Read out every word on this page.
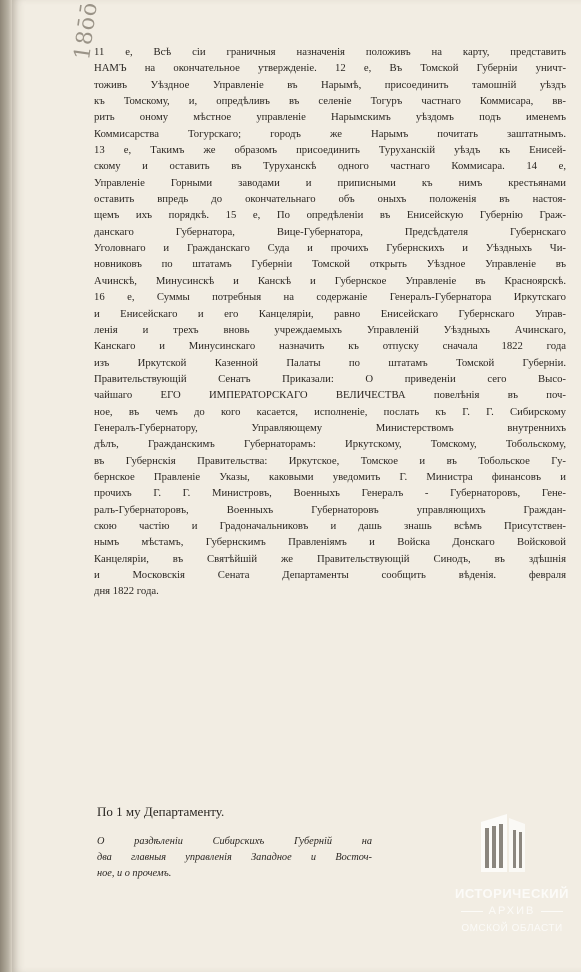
18ōō
11 е, Всѣ сіи граничныя назначенія положивъ на карту, представить
НАМЪ на окончательное утвержденіе. 12 е, Въ Томской Губерніи уничт-
тоживъ Уѣздное Управленіе въ Нарымѣ, присоединить тамошній уѣздъ
къ Томскому, и, опредѣливъ въ селеніе Тогуръ частнаго Коммисара, вв-
рить оному мѣстное управленіе Нарымскимъ уѣздомъ подъ именемъ
Коммисарства Тогурскаго; городъ же Нарымъ почитать заштатнымъ.
13 е, Такимъ же образомъ присоединить Туруханскій уѣздъ къ Енисей-
скому и оставить въ Туруханскѣ одного частнаго Коммисара. 14 е,
Управленіе Горными заводами и приписными къ нимъ крестьянами
оставить впредь до окончательнаго объ оныхъ положенія въ настоя-
щемъ ихъ порядкѣ. 15 е, По опредѣленіи въ Енисейскую Губернію Граж-
данскаго Губернатора, Вице-Губернатора, Предсѣдателя Губернскаго
Уголовнаго и Гражданскаго Суда и прочихъ Губернскихъ и Уѣздныхъ Чи-
новниковъ по штатамъ Губерніи Томской открыть Уѣздное Управленіе въ
Ачинскѣ, Минусинскѣ и Канскѣ и Губернское Управленіе въ Красноярскѣ.
16 е, Суммы потребныя на содержаніе Генералъ-Губернатора Иркутскаго
и Енисейскаго и его Канцеляріи, равно Енисейскаго Губернскаго Управ-
ленія и трехъ вновь учреждаемыхъ Управленій Уѣздныхъ Ачинскаго,
Канскаго и Минусинскаго назначить къ отпуску сначала 1822 года
изъ Иркутской Казенной Палаты по штатамъ Томской Губерніи.
Правительствующій Сенатъ Приказали: О приведеніи сего Высо-
чайшаго ЕГО ИМПЕРАТОРСКАГО ВЕЛИЧЕСТВА повелѣнія въ поч-
ное, въ чемъ до кого касается, исполненіе, послать къ Г. Г. Сибирскому
Генералъ-Губернатору, Управляющему Министерствомъ внутреннихъ
дѣлъ, Гражданскимъ Губернаторамъ: Иркутскому, Томскому, Тобольскому,
въ Губернскія Правительства: Иркутское, Томское и въ Тобольское Гу-
бернское Правленіе Указы, каковыми уведомить Г. Министра финансовъ и
прочихъ Г. Г. Министровъ, Военныхъ Генералъ - Губернаторовъ, Гене-
ралъ-Губернаторовъ, Военныхъ Губернаторовъ управляющихъ Граждан-
скою частію и Градоначальниковъ и дашь знашь всѣмъ Присутствен-
нымъ мѣстамъ, Губернскимъ Правленіямъ и Войска Донскаго Войсковой
Канцеляріи, въ Святѣйшій же Правительствующій Синодъ, въ здѣшнія
и Московскія Сената Департаменты сообщить вѣденія. февраля
дня 1822 года.
По 1 му Департаменту.
О раздѣленіи Сибирскихъ Губерній на
два главныя управленія Западное и Восточ-
ное, и о прочемъ.
ИСТОРИЧЕСКИЙ
АРХИВ
ОМСКОЙ ОБЛАСТИ
